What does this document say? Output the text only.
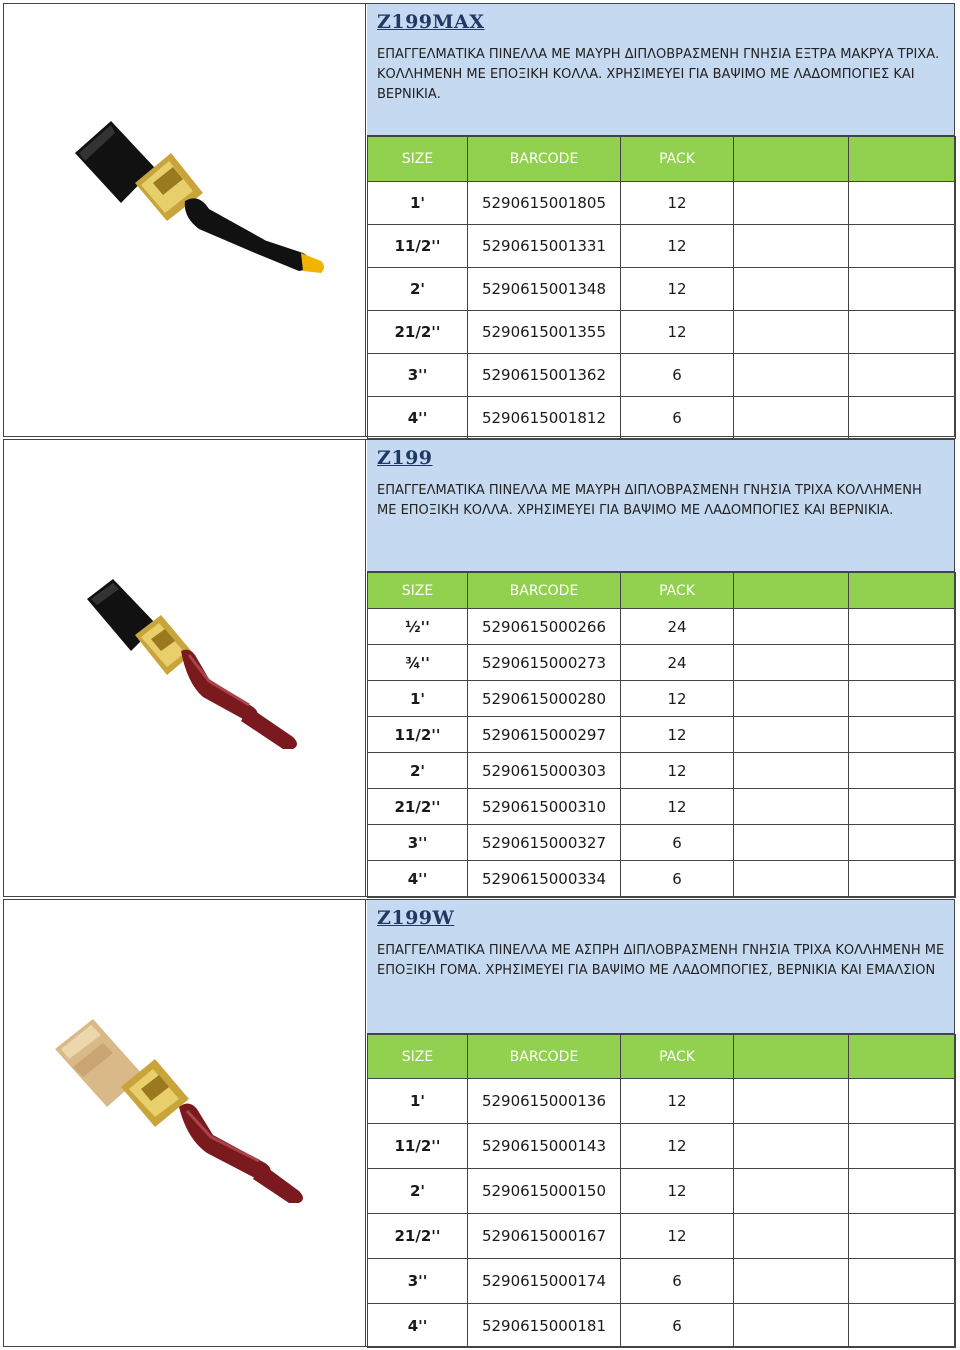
Z199MAX
ΕΠΑΓΓΕΛΜΑΤΙΚΑ ΠΙΝΕΛΛΑ ΜΕ ΜΑΥΡΗ ΔΙΠΛΟΒΡΑΣΜΕΝΗ ΓΝΗΣΙΑ ΕΞΤΡΑ ΜΑΚΡΥΑ ΤΡΙΧΑ. ΚΟΛΛΗΜΕΝΗ ΜΕ ΕΠΟΞΙΚΗ ΚΟΛΛΑ. ΧΡΗΣΙΜΕΥΕΙ ΓΙΑ ΒΑΨΙΜΟ ΜΕ ΛΑΔΟΜΠΟΓΙΕΣ ΚΑΙ ΒΕΡΝΙΚΙΑ.
SIZE	BARCODE	PACK		
1'	5290615001805	12		
11/2''	5290615001331	12		
2'	5290615001348	12		
21/2''	5290615001355	12		
3''	5290615001362	6		
4''	5290615001812	6		
Z199
ΕΠΑΓΓΕΛΜΑΤΙΚΑ ΠΙΝΕΛΛΑ ΜΕ ΜΑΥΡΗ ΔΙΠΛΟΒΡΑΣΜΕΝΗ ΓΝΗΣΙΑ ΤΡΙΧΑ ΚΟΛΛΗΜΕΝΗ ΜΕ ΕΠΟΞΙΚΗ ΚΟΛΛΑ. ΧΡΗΣΙΜΕΥΕΙ ΓΙΑ ΒΑΨΙΜΟ ΜΕ ΛΑΔΟΜΠΟΓΙΕΣ ΚΑΙ ΒΕΡΝΙΚΙΑ.
SIZE	BARCODE	PACK		
½''	5290615000266	24		
¾''	5290615000273	24		
1'	5290615000280	12		
11/2''	5290615000297	12		
2'	5290615000303	12		
21/2''	5290615000310	12		
3''	5290615000327	6		
4''	5290615000334	6		
Z199W
ΕΠΑΓΓΕΛΜΑΤΙΚΑ ΠΙΝΕΛΛΑ ΜΕ ΑΣΠΡΗ ΔΙΠΛΟΒΡΑΣΜΕΝΗ ΓΝΗΣΙΑ ΤΡΙΧΑ ΚΟΛΛΗΜΕΝΗ ΜΕ ΕΠΟΞΙΚΗ ΓΟΜΑ. ΧΡΗΣΙΜΕΥΕΙ ΓΙΑ ΒΑΨΙΜΟ ΜΕ ΛΑΔΟΜΠΟΓΙΕΣ, ΒΕΡΝΙΚΙΑ ΚΑΙ ΕΜΑΛΣΙΟΝ
SIZE	BARCODE	PACK		
1'	5290615000136	12		
11/2''	5290615000143	12		
2'	5290615000150	12		
21/2''	5290615000167	12		
3''	5290615000174	6		
4''	5290615000181	6		
